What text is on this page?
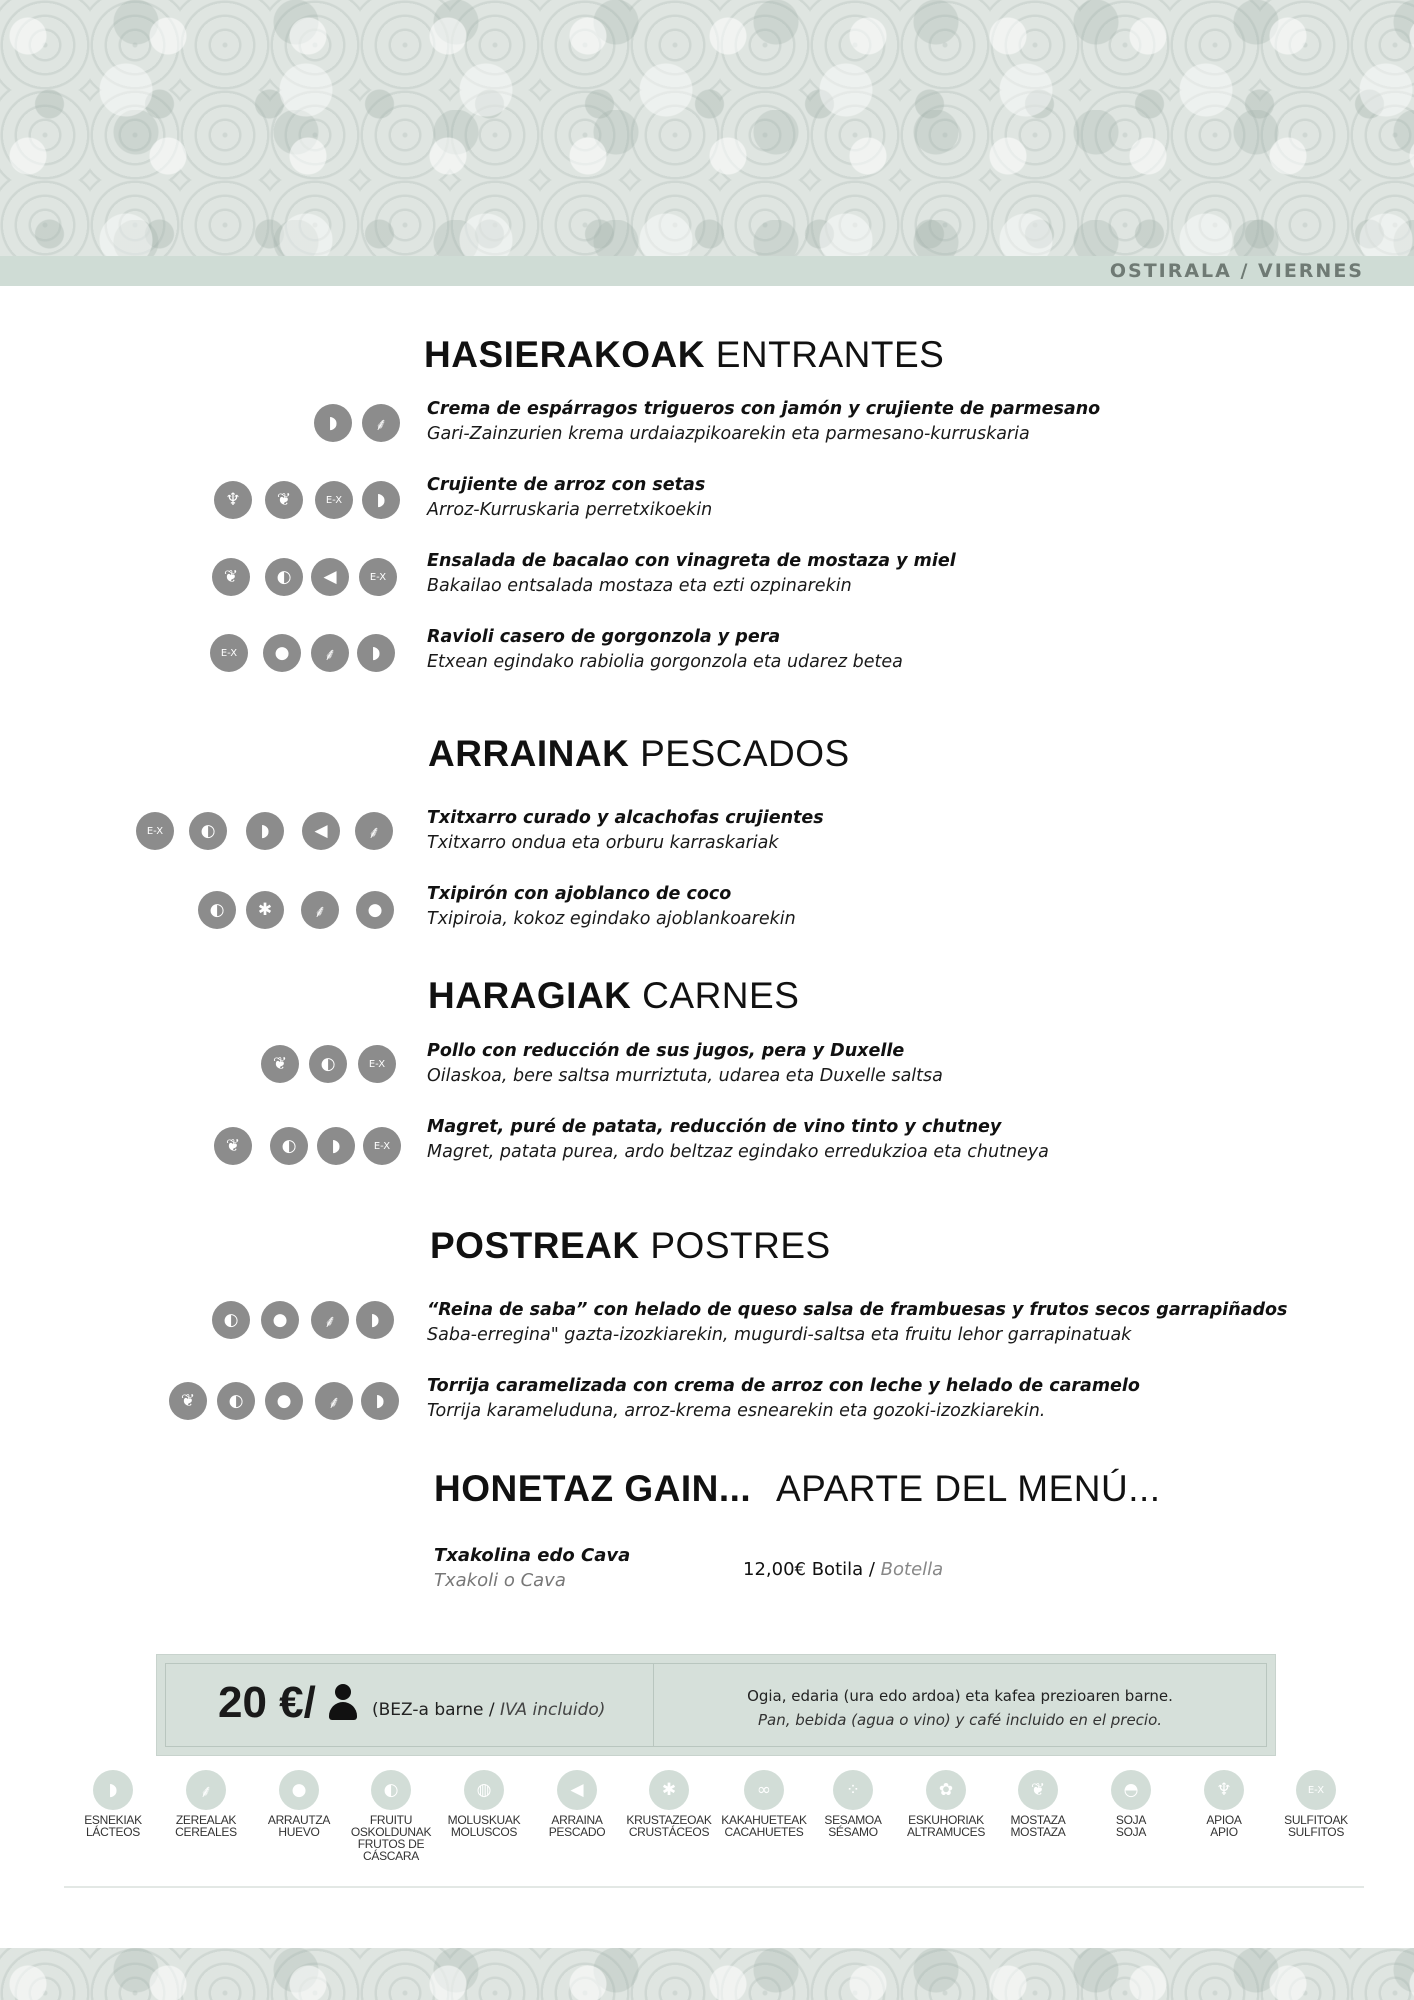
OSTIRALA / VIERNES
HASIERAKOAK ENTRANTES
Crema de espárragos trigueros con jamón y crujiente de parmesano
Gari-Zainzurien krema urdaiazpikoarekin eta parmesano-kurruskaria
◗	⸙
Crujiente de arroz con setas
Arroz-Kurruskaria perretxikoekin
♆	❦	E-X	◗
Ensalada de bacalao con vinagreta de mostaza y miel
Bakailao entsalada mostaza eta ezti ozpinarekin
❦	◐	◀	E-X
Ravioli casero de gorgonzola y pera
Etxean egindako rabiolia gorgonzola eta udarez betea
E-X	●	⸙	◗
ARRAINAK PESCADOS
Txitxarro curado y alcachofas crujientes
Txitxarro ondua eta orburu karraskariak
E-X	◐	◗	◀	⸙
Txipirón con ajoblanco de coco
Txipiroia, kokoz egindako ajoblankoarekin
◐	✱	⸙	●
HARAGIAK CARNES
Pollo con reducción de sus jugos, pera y Duxelle
Oilaskoa, bere saltsa murriztuta, udarea eta Duxelle saltsa
❦	◐	E-X
Magret, puré de patata, reducción de vino tinto y chutney
Magret, patata purea, ardo beltzaz egindako erredukzioa eta chutneya
❦	◐	◗	E-X
POSTREAK POSTRES
“Reina de saba” con helado de queso salsa de frambuesas y frutos secos garrapiñados
Saba-erregina" gazta-izozkiarekin, mugurdi-saltsa eta fruitu lehor garrapinatuak
◐	●	⸙	◗
Torrija caramelizada con crema de arroz con leche y helado de caramelo
Torrija karameluduna, arroz-krema esnearekin eta gozoki-izozkiarekin.
❦	◐	●	⸙	◗
HONETAZ GAIN... APARTE DEL MENÚ...
Txakolina edo Cava
Txakoli o Cava
12,00€ Botila / Botella
20 €/	(BEZ-a barne / IVA incluido)
Ogia, edaria (ura edo ardoa) eta kafea prezioaren barne.
Pan, bebida (agua o vino) y café incluido en el precio.
◗
ESNEKIAK
LÁCTEOS
⸙
ZEREALAK
CEREALES
●
ARRAUTZA
HUEVO
◐
FRUITU
OSKOLDUNAK
FRUTOS DE
CÁSCARA
◍
MOLUSKUAK
MOLUSCOS
◀
ARRAINA
PESCADO
✱
KRUSTAZEOAK
CRUSTÁCEOS
∞
KAKAHUETEAK
CACAHUETES
⁘
SESAMOA
SÉSAMO
✿
ESKUHORIAK
ALTRAMUCES
❦
MOSTAZA
MOSTAZA
◓
SOJA
SOJA
♆
APIOA
APIO
E-X
SULFITOAK
SULFITOS
